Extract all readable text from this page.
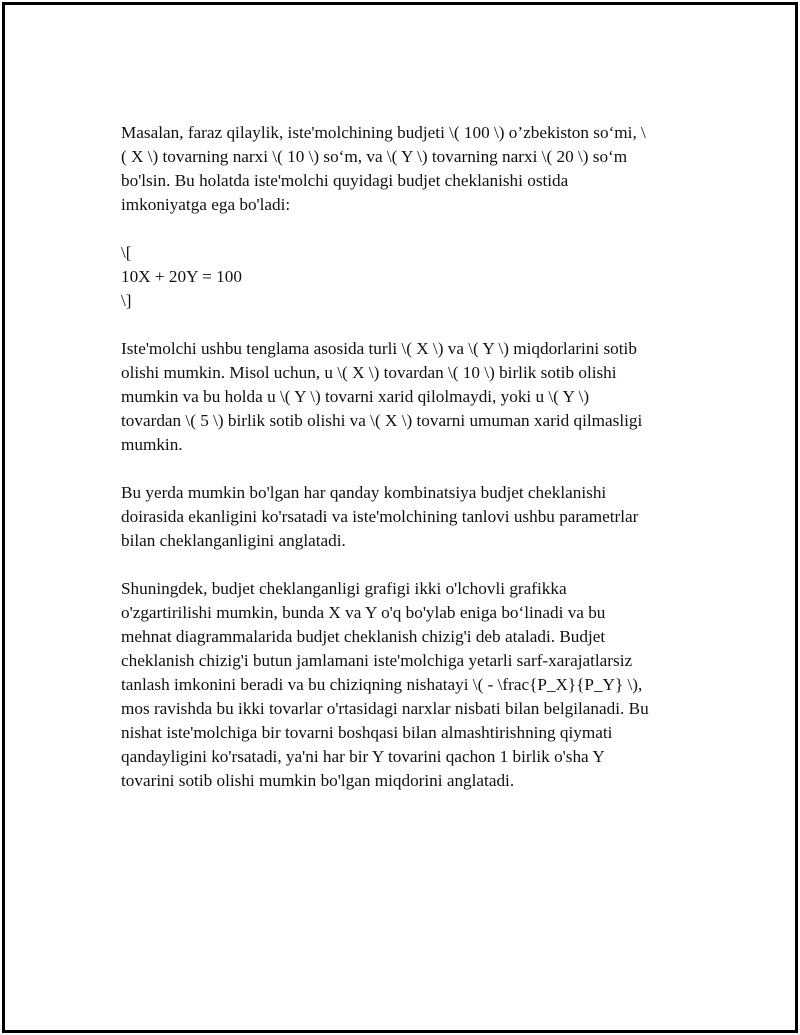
Masalan, faraz qilaylik, iste'molchining budjeti \( 100 \) o’zbekiston so‘mi, \
( X \) tovarning narxi \( 10 \) so‘m, va \( Y \) tovarning narxi \( 20 \) so‘m
bo'lsin. Bu holatda iste'molchi quyidagi budjet cheklanishi ostida
imkoniyatga ega bo'ladi:

\[
10X + 20Y = 100
\]

Iste'molchi ushbu tenglama asosida turli \( X \) va \( Y \) miqdorlarini sotib
olishi mumkin. Misol uchun, u \( X \) tovardan \( 10 \) birlik sotib olishi
mumkin va bu holda u \( Y \) tovarni xarid qilolmaydi, yoki u \( Y \)
tovardan \( 5 \) birlik sotib olishi va \( X \) tovarni umuman xarid qilmasligi
mumkin.

Bu yerda mumkin bo'lgan har qanday kombinatsiya budjet cheklanishi
doirasida ekanligini ko'rsatadi va iste'molchining tanlovi ushbu parametrlar
bilan cheklanganligini anglatadi.

Shuningdek, budjet cheklanganligi grafigi ikki o'lchovli grafikka
o'zgartirilishi mumkin, bunda X va Y o'q bo'ylab eniga bo‘linadi va bu
mehnat diagrammalarida budjet cheklanish chizig'i deb ataladi. Budjet
cheklanish chizig'i butun jamlamani iste'molchiga yetarli sarf-xarajatlarsiz
tanlash imkonini beradi va bu chiziqning nishatayi \( - \frac{P_X}{P_Y} \),
mos ravishda bu ikki tovarlar o'rtasidagi narxlar nisbati bilan belgilanadi. Bu
nishat iste'molchiga bir tovarni boshqasi bilan almashtirishning qiymati
qandayligini ko'rsatadi, ya'ni har bir Y tovarini qachon 1 birlik o'sha Y
tovarini sotib olishi mumkin bo'lgan miqdorini anglatadi.
